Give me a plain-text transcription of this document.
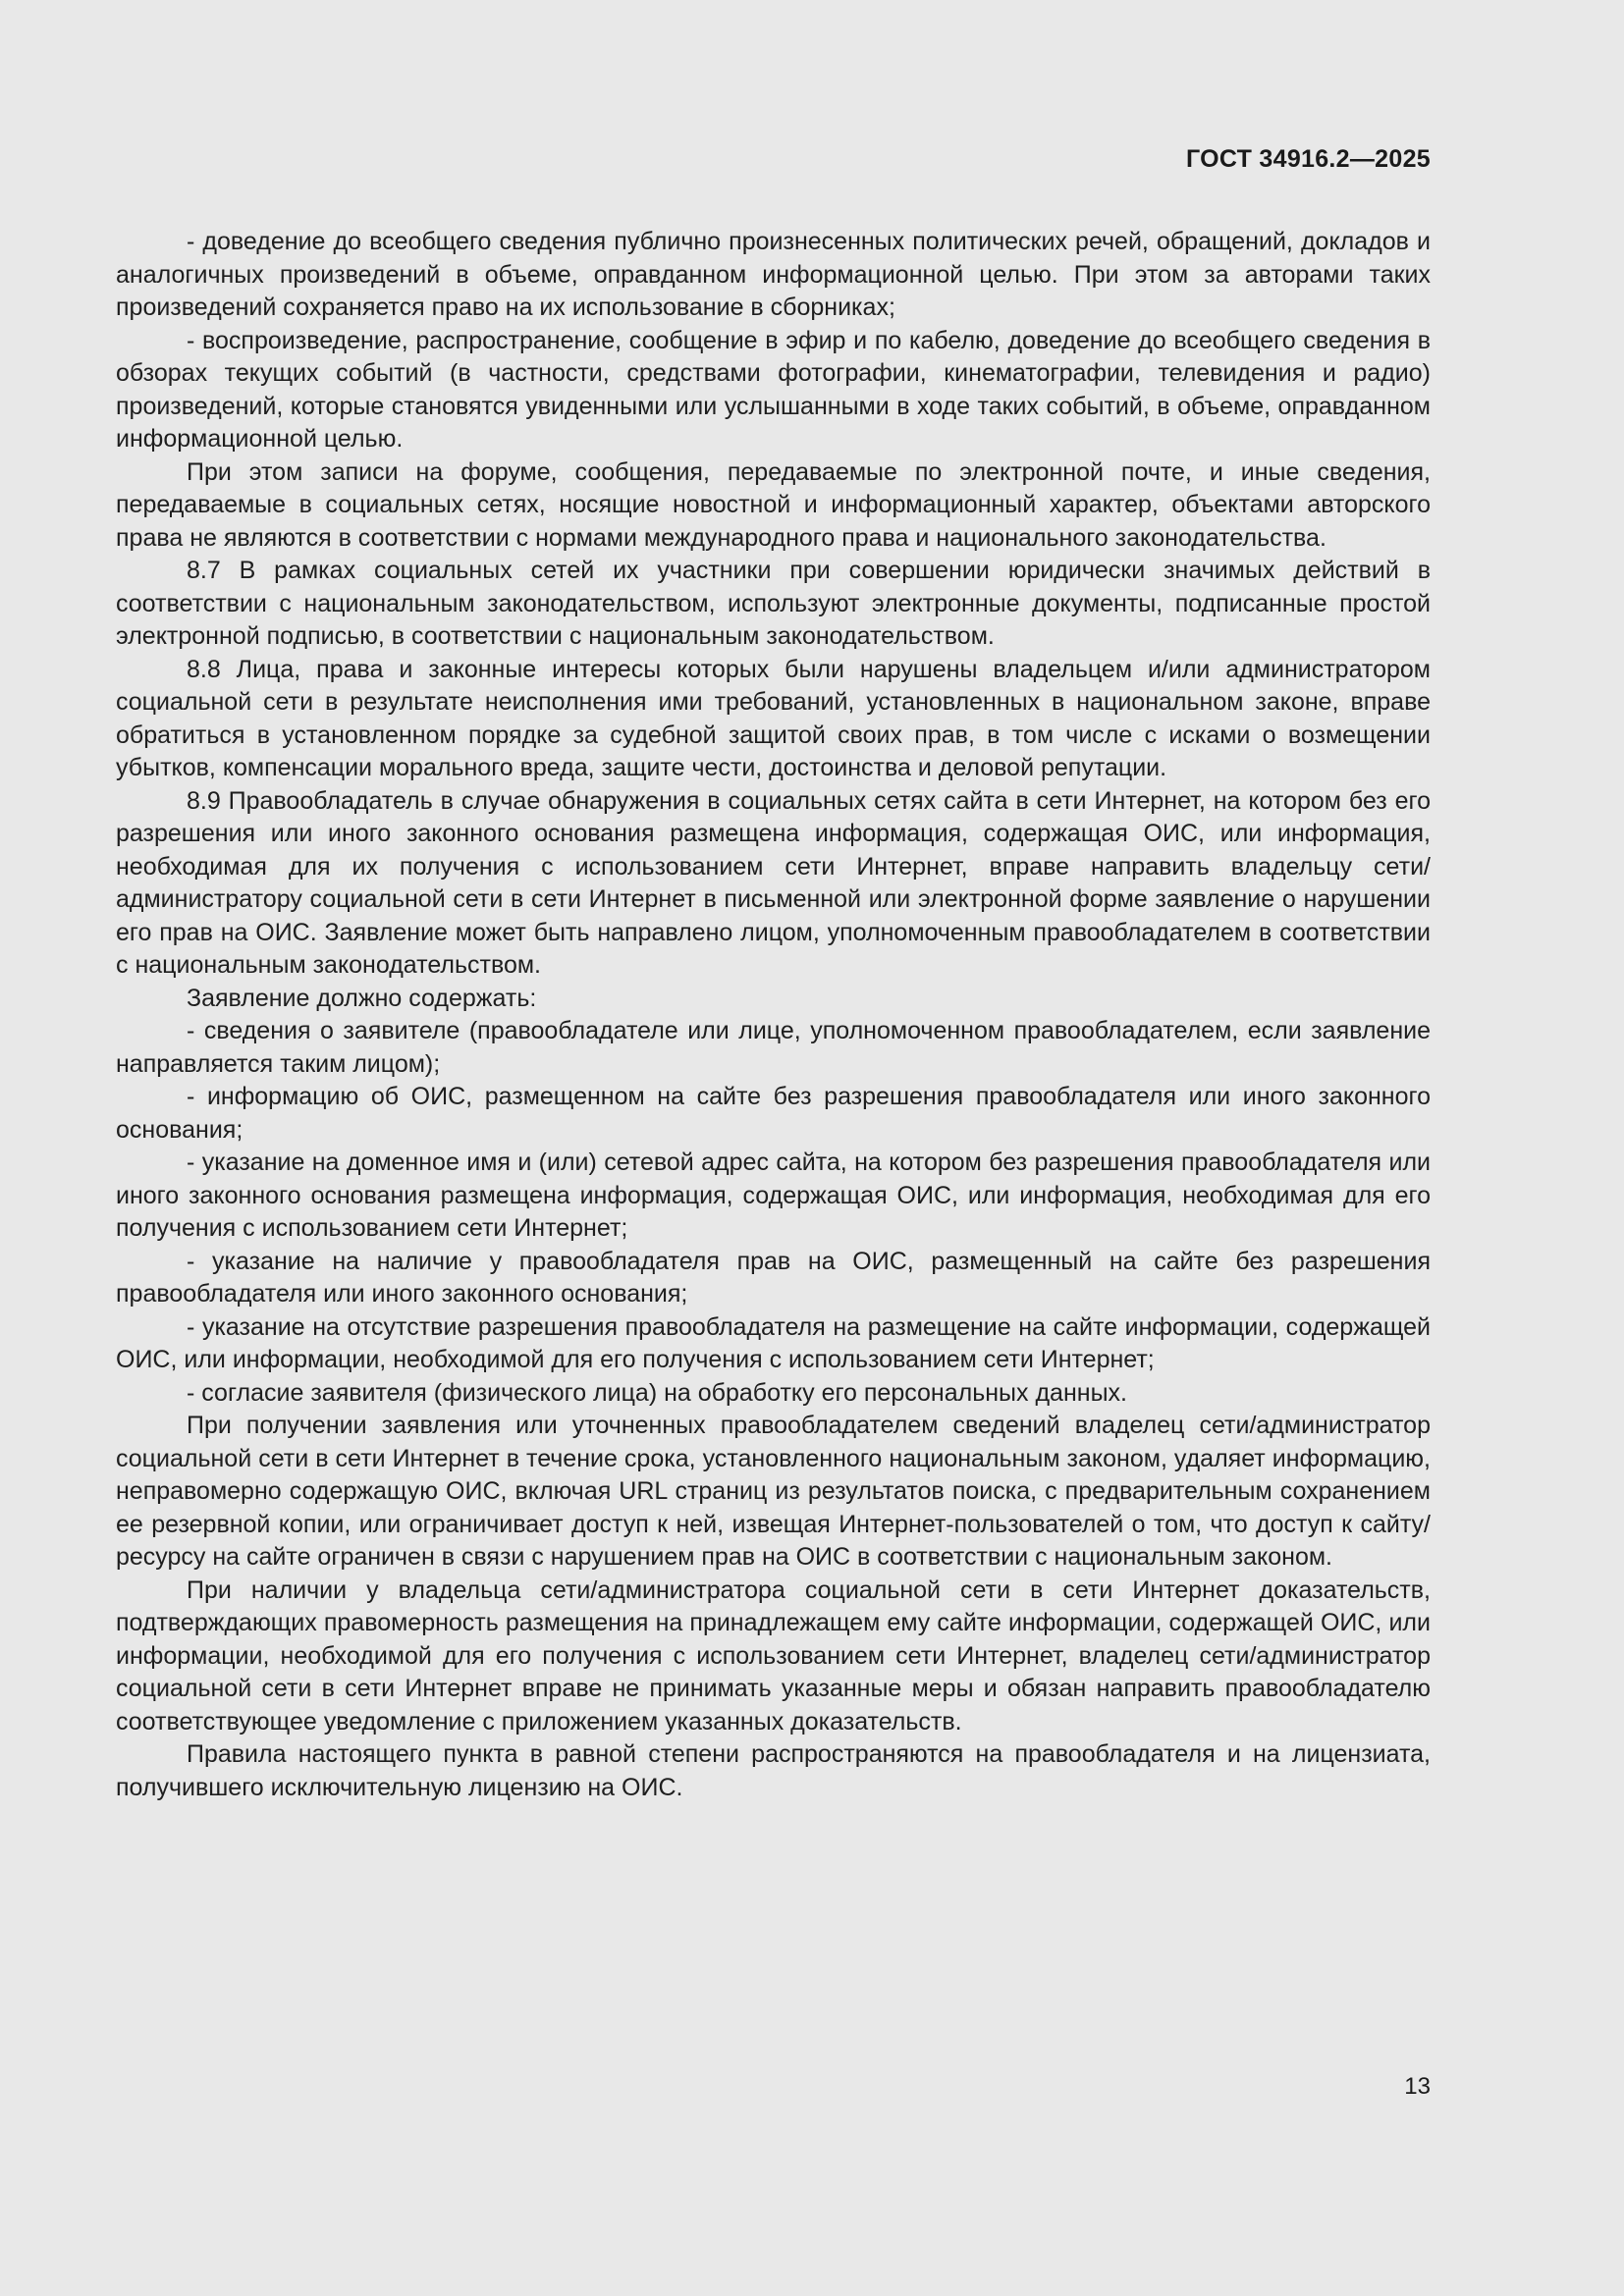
ГОСТ 34916.2—2025

- доведение до всеобщего сведения публично произнесенных политических речей, обращений, докладов и аналогичных произведений в объеме, оправданном информационной целью. При этом за авторами таких произведений сохраняется право на их использование в сборниках;

- воспроизведение, распространение, сообщение в эфир и по кабелю, доведение до всеобщего сведения в обзорах текущих событий (в частности, средствами фотографии, кинематографии, телевидения и радио) произведений, которые становятся увиденными или услышанными в ходе таких событий, в объеме, оправданном информационной целью.

При этом записи на форуме, сообщения, передаваемые по электронной почте, и иные сведения, передаваемые в социальных сетях, носящие новостной и информационный характер, объектами авторского права не являются в соответствии с нормами международного права и национального законодательства.

8.7 В рамках социальных сетей их участники при совершении юридически значимых действий в соответствии с национальным законодательством, используют электронные документы, подписанные простой электронной подписью, в соответствии с национальным законодательством.

8.8 Лица, права и законные интересы которых были нарушены владельцем и/или администратором социальной сети в результате неисполнения ими требований, установленных в национальном законе, вправе обратиться в установленном порядке за судебной защитой своих прав, в том числе с исками о возмещении убытков, компенсации морального вреда, защите чести, достоинства и деловой репутации.

8.9 Правообладатель в случае обнаружения в социальных сетях сайта в сети Интернет, на котором без его разрешения или иного законного основания размещена информация, содержащая ОИС, или информация, необходимая для их получения с использованием сети Интернет, вправе направить владельцу сети/администратору социальной сети в сети Интернет в письменной или электронной форме заявление о нарушении его прав на ОИС. Заявление может быть направлено лицом, уполномоченным правообладателем в соответствии с национальным законодательством.

Заявление должно содержать:

- сведения о заявителе (правообладателе или лице, уполномоченном правообладателем, если заявление направляется таким лицом);

- информацию об ОИС, размещенном на сайте без разрешения правообладателя или иного законного основания;

- указание на доменное имя и (или) сетевой адрес сайта, на котором без разрешения правообладателя или иного законного основания размещена информация, содержащая ОИС, или информация, необходимая для его получения с использованием сети Интернет;

- указание на наличие у правообладателя прав на ОИС, размещенный на сайте без разрешения правообладателя или иного законного основания;

- указание на отсутствие разрешения правообладателя на размещение на сайте информации, содержащей ОИС, или информации, необходимой для его получения с использованием сети Интернет;

- согласие заявителя (физического лица) на обработку его персональных данных.

При получении заявления или уточненных правообладателем сведений владелец сети/администратор социальной сети в сети Интернет в течение срока, установленного национальным законом, удаляет информацию, неправомерно содержащую ОИС, включая URL страниц из результатов поиска, с предварительным сохранением ее резервной копии, или ограничивает доступ к ней, извещая Интернет-пользователей о том, что доступ к сайту/ресурсу на сайте ограничен в связи с нарушением прав на ОИС в соответствии с национальным законом.

При наличии у владельца сети/администратора социальной сети в сети Интернет доказательств, подтверждающих правомерность размещения на принадлежащем ему сайте информации, содержащей ОИС, или информации, необходимой для его получения с использованием сети Интернет, владелец сети/администратор социальной сети в сети Интернет вправе не принимать указанные меры и обязан направить правообладателю соответствующее уведомление с приложением указанных доказательств.

Правила настоящего пункта в равной степени распространяются на правообладателя и на лицензиата, получившего исключительную лицензию на ОИС.

13
